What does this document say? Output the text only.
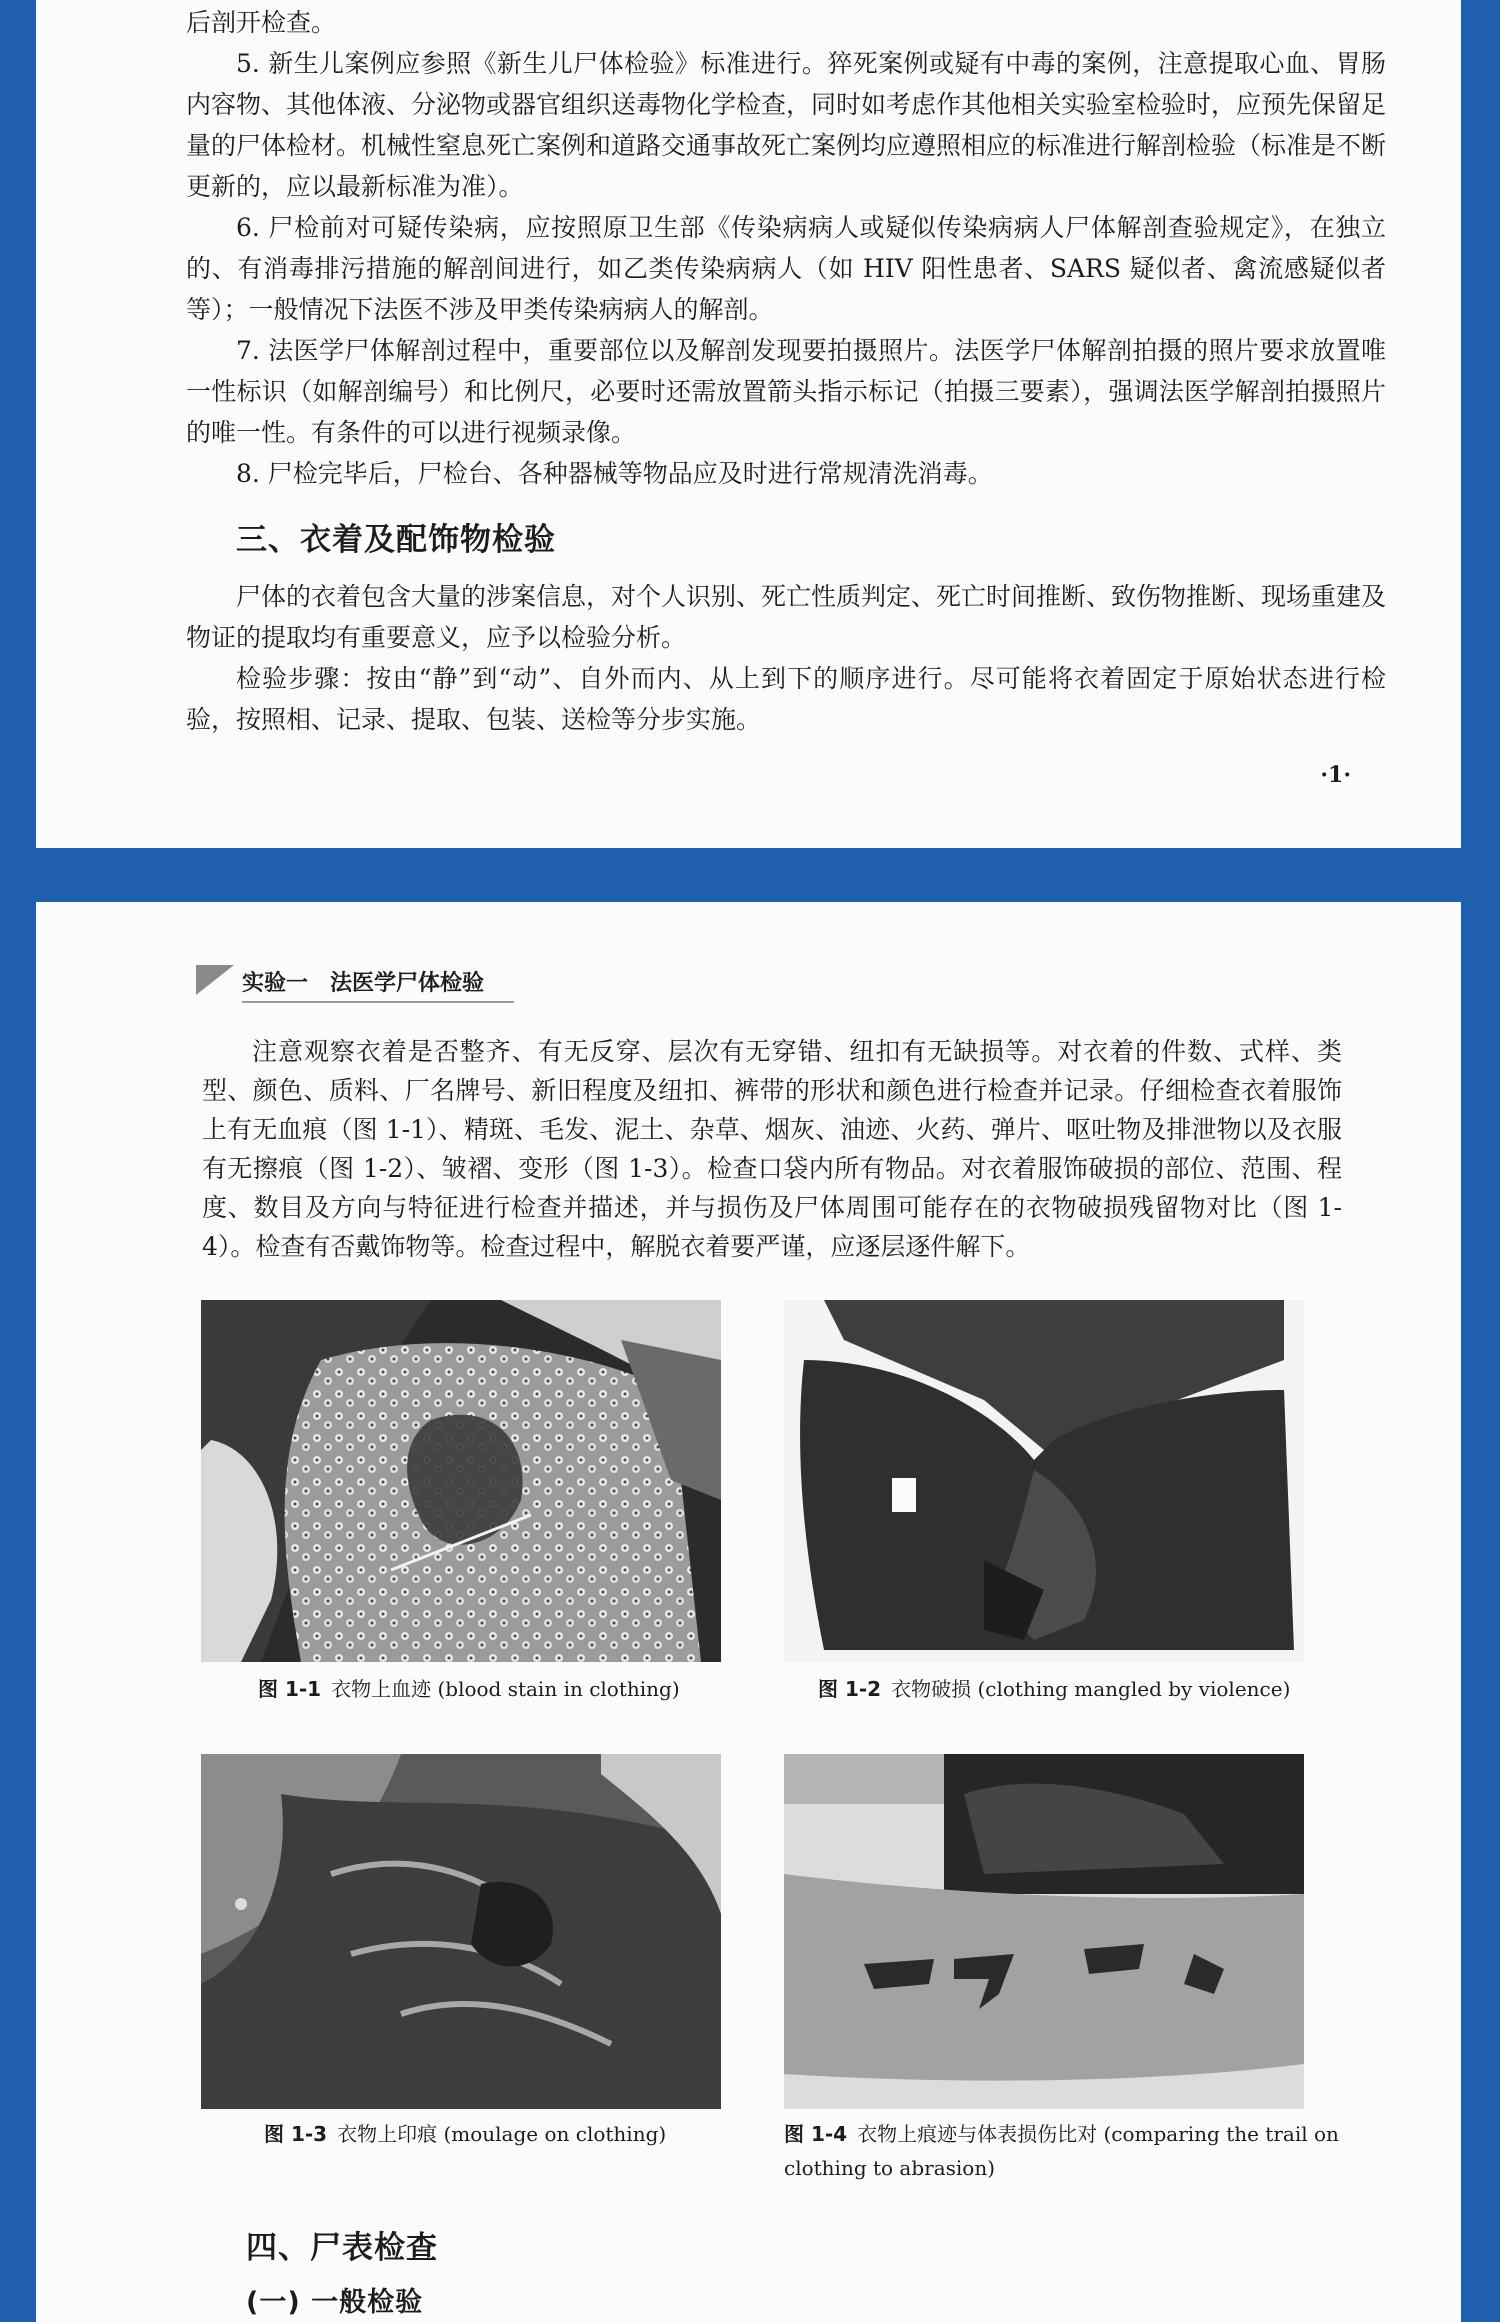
后剖开检查。

5. 新生儿案例应参照《新生儿尸体检验》标准进行。猝死案例或疑有中毒的案例，注意提取心血、胃肠内容物、其他体液、分泌物或器官组织送毒物化学检查，同时如考虑作其他相关实验室检验时，应预先保留足量的尸体检材。机械性窒息死亡案例和道路交通事故死亡案例均应遵照相应的标准进行解剖检验（标准是不断更新的，应以最新标准为准）。

6. 尸检前对可疑传染病，应按照原卫生部《传染病病人或疑似传染病病人尸体解剖查验规定》，在独立的、有消毒排污措施的解剖间进行，如乙类传染病病人（如 HIV 阳性患者、SARS 疑似者、禽流感疑似者等）；一般情况下法医不涉及甲类传染病病人的解剖。

7. 法医学尸体解剖过程中，重要部位以及解剖发现要拍摄照片。法医学尸体解剖拍摄的照片要求放置唯一性标识（如解剖编号）和比例尺，必要时还需放置箭头指示标记（拍摄三要素），强调法医学解剖拍摄照片的唯一性。有条件的可以进行视频录像。

8. 尸检完毕后，尸检台、各种器械等物品应及时进行常规清洗消毒。

三、衣着及配饰物检验

尸体的衣着包含大量的涉案信息，对个人识别、死亡性质判定、死亡时间推断、致伤物推断、现场重建及物证的提取均有重要意义，应予以检验分析。

检验步骤：按由“静”到“动”、自外而内、从上到下的顺序进行。尽可能将衣着固定于原始状态进行检验，按照相、记录、提取、包装、送检等分步实施。

·1·
实验一　法医学尸体检验

注意观察衣着是否整齐、有无反穿、层次有无穿错、纽扣有无缺损等。对衣着的件数、式样、类型、颜色、质料、厂名牌号、新旧程度及纽扣、裤带的形状和颜色进行检查并记录。仔细检查衣着服饰上有无血痕（图 1-1）、精斑、毛发、泥土、杂草、烟灰、油迹、火药、弹片、呕吐物及排泄物以及衣服有无擦痕（图 1-2）、皱褶、变形（图 1-3）。检查口袋内所有物品。对衣着服饰破损的部位、范围、程度、数目及方向与特征进行检查并描述，并与损伤及尸体周围可能存在的衣物破损残留物对比（图 1-4）。检查有否戴饰物等。检查过程中，解脱衣着要严谨，应逐层逐件解下。

图 1-1 衣物上血迹 (blood stain in clothing)	图 1-2 衣物破损 (clothing mangled by violence)
图 1-3 衣物上印痕 (moulage on clothing)	图 1-4 衣物上痕迹与体表损伤比对 (comparing the trail on clothing to abrasion)
四、尸表检查
(一) 一般检验
